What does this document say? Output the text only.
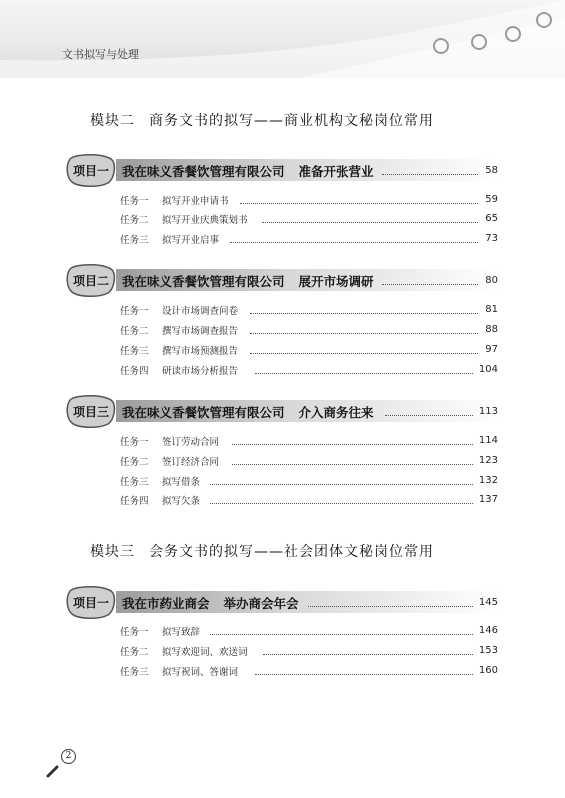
文书拟写与处理
模块二 商务文书的拟写——商业机构文秘岗位常用
项目一	我在味义香餐饮管理有限公司 准备开张营业	58
任务一 拟写开业申请书	59
任务二 拟写开业庆典策划书	65
任务三 拟写开业启事	73
项目二	我在味义香餐饮管理有限公司 展开市场调研	80
任务一 设计市场调查问卷	81
任务二 撰写市场调查报告	88
任务三 撰写市场预测报告	97
任务四 研读市场分析报告	104
项目三	我在味义香餐饮管理有限公司 介入商务往来	113
任务一 签订劳动合同	114
任务二 签订经济合同	123
任务三 拟写借条	132
任务四 拟写欠条	137
模块三 会务文书的拟写——社会团体文秘岗位常用
项目一	我在市药业商会 举办商会年会	145
任务一 拟写致辞	146
任务二 拟写欢迎词、欢送词	153
任务三 拟写祝词、答谢词	160
2
